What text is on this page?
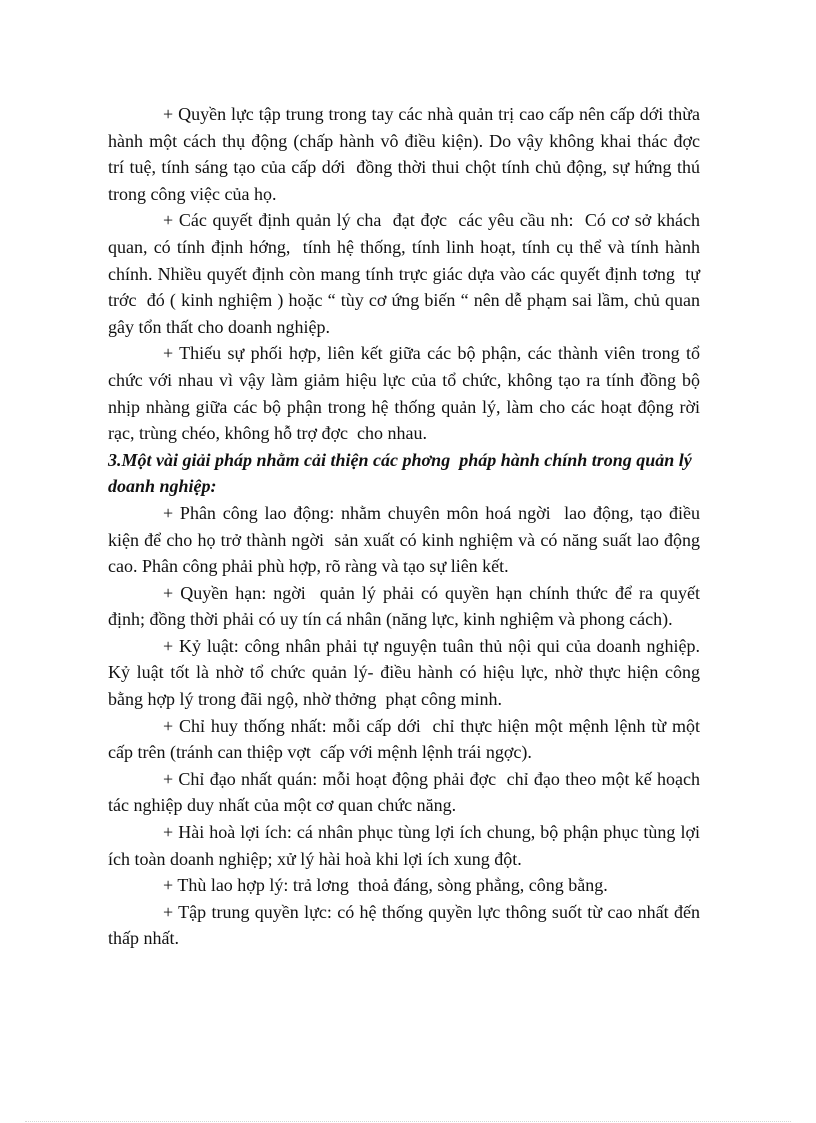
+ Quyền lực tập trung trong tay các nhà quản trị cao cấp nên cấp dới thừa hành một cách thụ động (chấp hành vô điều kiện). Do vậy không khai thác đợc  trí tuệ, tính sáng tạo của cấp dới  đồng thời thui chột tính chủ động, sự hứng thú trong công việc của họ.

+ Các quyết định quản lý cha  đạt đợc  các yêu cầu nh:  Có cơ sở khách quan, có tính định hớng,  tính hệ thống, tính linh hoạt, tính cụ thể và tính hành chính. Nhiều quyết định còn mang tính trực giác dựa vào các quyết định tơng  tự trớc  đó ( kinh nghiệm ) hoặc “ tùy cơ ứng biến “ nên dễ phạm sai lầm, chủ quan gây tổn thất cho doanh nghiệp.

+ Thiếu sự phối hợp, liên kết giữa các bộ phận, các thành viên trong tổ chức với nhau vì vậy làm giảm hiệu lực của tổ chức, không tạo ra tính đồng bộ nhịp nhàng giữa các bộ phận trong hệ thống quản lý, làm cho các hoạt động rời rạc, trùng chéo, không hỗ trợ đợc  cho nhau.

3.Một vài giải pháp nhằm cải thiện các phơng  pháp hành chính trong quản lý doanh nghiệp:

+ Phân công lao động: nhằm chuyên môn hoá ngời  lao động, tạo điều kiện để cho họ trở thành ngời  sản xuất có kinh nghiệm và có năng suất lao động cao. Phân công phải phù hợp, rõ ràng và tạo sự liên kết.

+ Quyền hạn: ngời  quản lý phải có quyền hạn chính thức để ra quyết định; đồng thời phải có uy tín cá nhân (năng lực, kinh nghiệm và phong cách).

+ Kỷ luật: công nhân phải tự nguyện tuân thủ nội qui của doanh nghiệp. Kỷ luật tốt là nhờ tổ chức quản lý- điều hành có hiệu lực, nhờ thực hiện công bằng hợp lý trong đãi ngộ, nhờ thởng  phạt công minh.

+ Chỉ huy thống nhất: mỗi cấp dới  chỉ thực hiện một mệnh lệnh từ một cấp trên (tránh can thiệp vợt  cấp với mệnh lệnh trái ngợc).

+ Chỉ đạo nhất quán: mỗi hoạt động phải đợc  chỉ đạo theo một kế hoạch tác nghiệp duy nhất của một cơ quan chức năng.

+ Hài hoà lợi ích: cá nhân phục tùng lợi ích chung, bộ phận phục tùng lợi ích toàn doanh nghiệp; xử lý hài hoà khi lợi ích xung đột.

+ Thù lao hợp lý: trả lơng  thoả đáng, sòng phẳng, công bằng.

+ Tập trung quyền lực: có hệ thống quyền lực thông suốt từ cao nhất đến thấp nhất.
